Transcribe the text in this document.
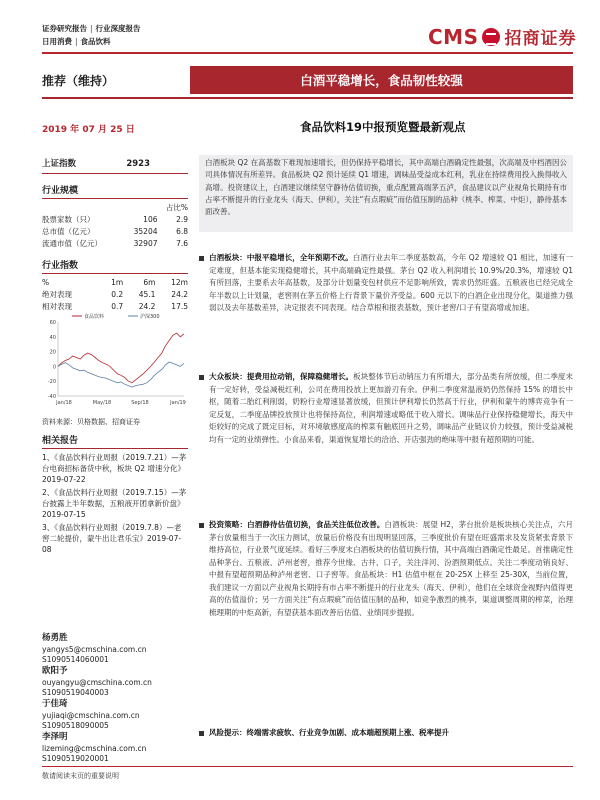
证券研究报告 | 行业深度报告
日用消费 | 食品饮料	CMS 招商证券
推荐（维持）	白酒平稳增长，食品韧性较强
2019 年 07 月 25 日	食品饮料19中报预览暨最新观点
上证指数	2923
行业规模
		占比%
股票家数（只）	106	2.9
总市值（亿元）	35204	6.8
流通市值（亿元）	32907	7.6
行业指数
%	1m	6m	12m
绝对表现	0.2	45.1	24.2
相对表现	0.7	24.2	17.5
-40
-20
0
20
40
60
Jan/18	May/18	Sep/18	Jan/19
食品饮料	沪深300
资料来源：贝格数据、招商证券
相关报告
1、《食品饮料行业周报（2019.7.21）—茅台电商招标备货中秋，板块 Q2 增速分化》2019-07-22
2、《食品饮料行业周报（2019.7.15）—茅台披露上半年数据，五粮液开团拿新价盘》2019-07-15
3、《食品饮料行业周报（2019.7.8）—老窖二轮提价，蒙牛出让君乐宝》2019-07-08
杨勇胜
yangys5@cmschina.com.cn
S1090514060001
欧阳予
ouyangyu@cmschina.com.cn
S1090519040003
于佳琦
yujiaqi@cmschina.com.cn
S1090518090005
李泽明
lizeming@cmschina.com.cn
S1090519020001
白酒板块 Q2 在高基数下难现加速增长，但仍保持平稳增长，其中高端白酒确定性最强，次高端及中档酒因公司具体情况有所差异。食品板块 Q2 预计延续 Q1 增速，调味品受益成本红利，乳业在持续费用投入换得收入高增。投资建议上，白酒建议继续坚守静待估值切换，重点配置高端茅五泸，食品建议以产业视角长期持有市占率不断提升的行业龙头（海天、伊利），关注“有点瑕疵”而估值压制的品种（桃李、榨菜、中炬），静待基本面改善。
白酒板块：中报平稳增长，全年预期不改。白酒行业去年二季度基数高，今年 Q2 增速较 Q1 相比，加速有一定难度，但基本能实现稳健增长，其中高端确定性最强。茅台 Q2 收入利润增长 10.9%/20.3%，增速较 Q1 有所回落，主要系去年高基数，及部分计划量变包材供应不足影响所致，需求仍然旺盛。五粮液也已经完成全年半数以上计划量，老窖则在茅五价格上行背景下量价齐受益。600 元以下的白酒企业出现分化，渠道推力强弱以及去年基数差异，决定报表不同表现。结合草根和报表基数，预计老窖/口子有望高增或加速。
大众板块：提费用拉动销，保障稳健增长。板块整体节后动销压力有所增大，部分品类有所放缓，但二季度末有一定好转，受益减税红利，公司在费用投放上更加游刃有余。伊利二季度常温液奶仍然保持 15% 的增长中枢，随着二胎红利削弱，奶粉行业增速显著放缓，但预计伊利增长仍然高于行业，伊利和蒙牛的博弈竞争有一定反复，二季度品牌投放预计也将保持高位，利润增速或略低于收入增长。调味品行业保持稳健增长，海天中炬较好的完成了既定目标，对环境敏感度高的榨菜有触底回升之势，调味品产业链议价力较强，预计受益减税均有一定的业绩弹性。小食品来看，渠道恢复增长的洽洽、开店强劲的绝味等中报有超预期的可能。
投资策略：白酒静待估值切换，食品关注低位改善。白酒板块：展望 H2，茅台批价是板块核心关注点，六月茅台放量相当于一次压力测试，放量后价格没有出现明显回落，三季度批价有望在旺盛需求及发货紧张背景下维持高位，行业景气度延续。看好三季度末白酒板块的估值切换行情，其中高端白酒确定性最足。首推确定性品种茅台、五粮液、泸州老窖，推荐今世缘、古井、口子，关注洋河、汾酒预期低点。关注二季度动销良好、中报有望超预期品种泸州老窖、口子窖等。食品板块：H1 估值中枢在 20-25X 上移至 25-30X，当前位置，我们建议一方面以产业视角长期持有市占率不断提升的行业龙头（海天、伊利），他们在全球资金视野内值得更高的估值溢价；另一方面关注“有点瑕疵”而估值压制的品种，如竞争激烈的桃李，渠道调整周期的榨菜，治理梳理期的中炬高新，有望获基本面改善后估值、业绩同步提振。
风险提示：终端需求疲软、行业竞争加剧、成本端超预期上涨、税率提升
敬请阅读末页的重要说明
